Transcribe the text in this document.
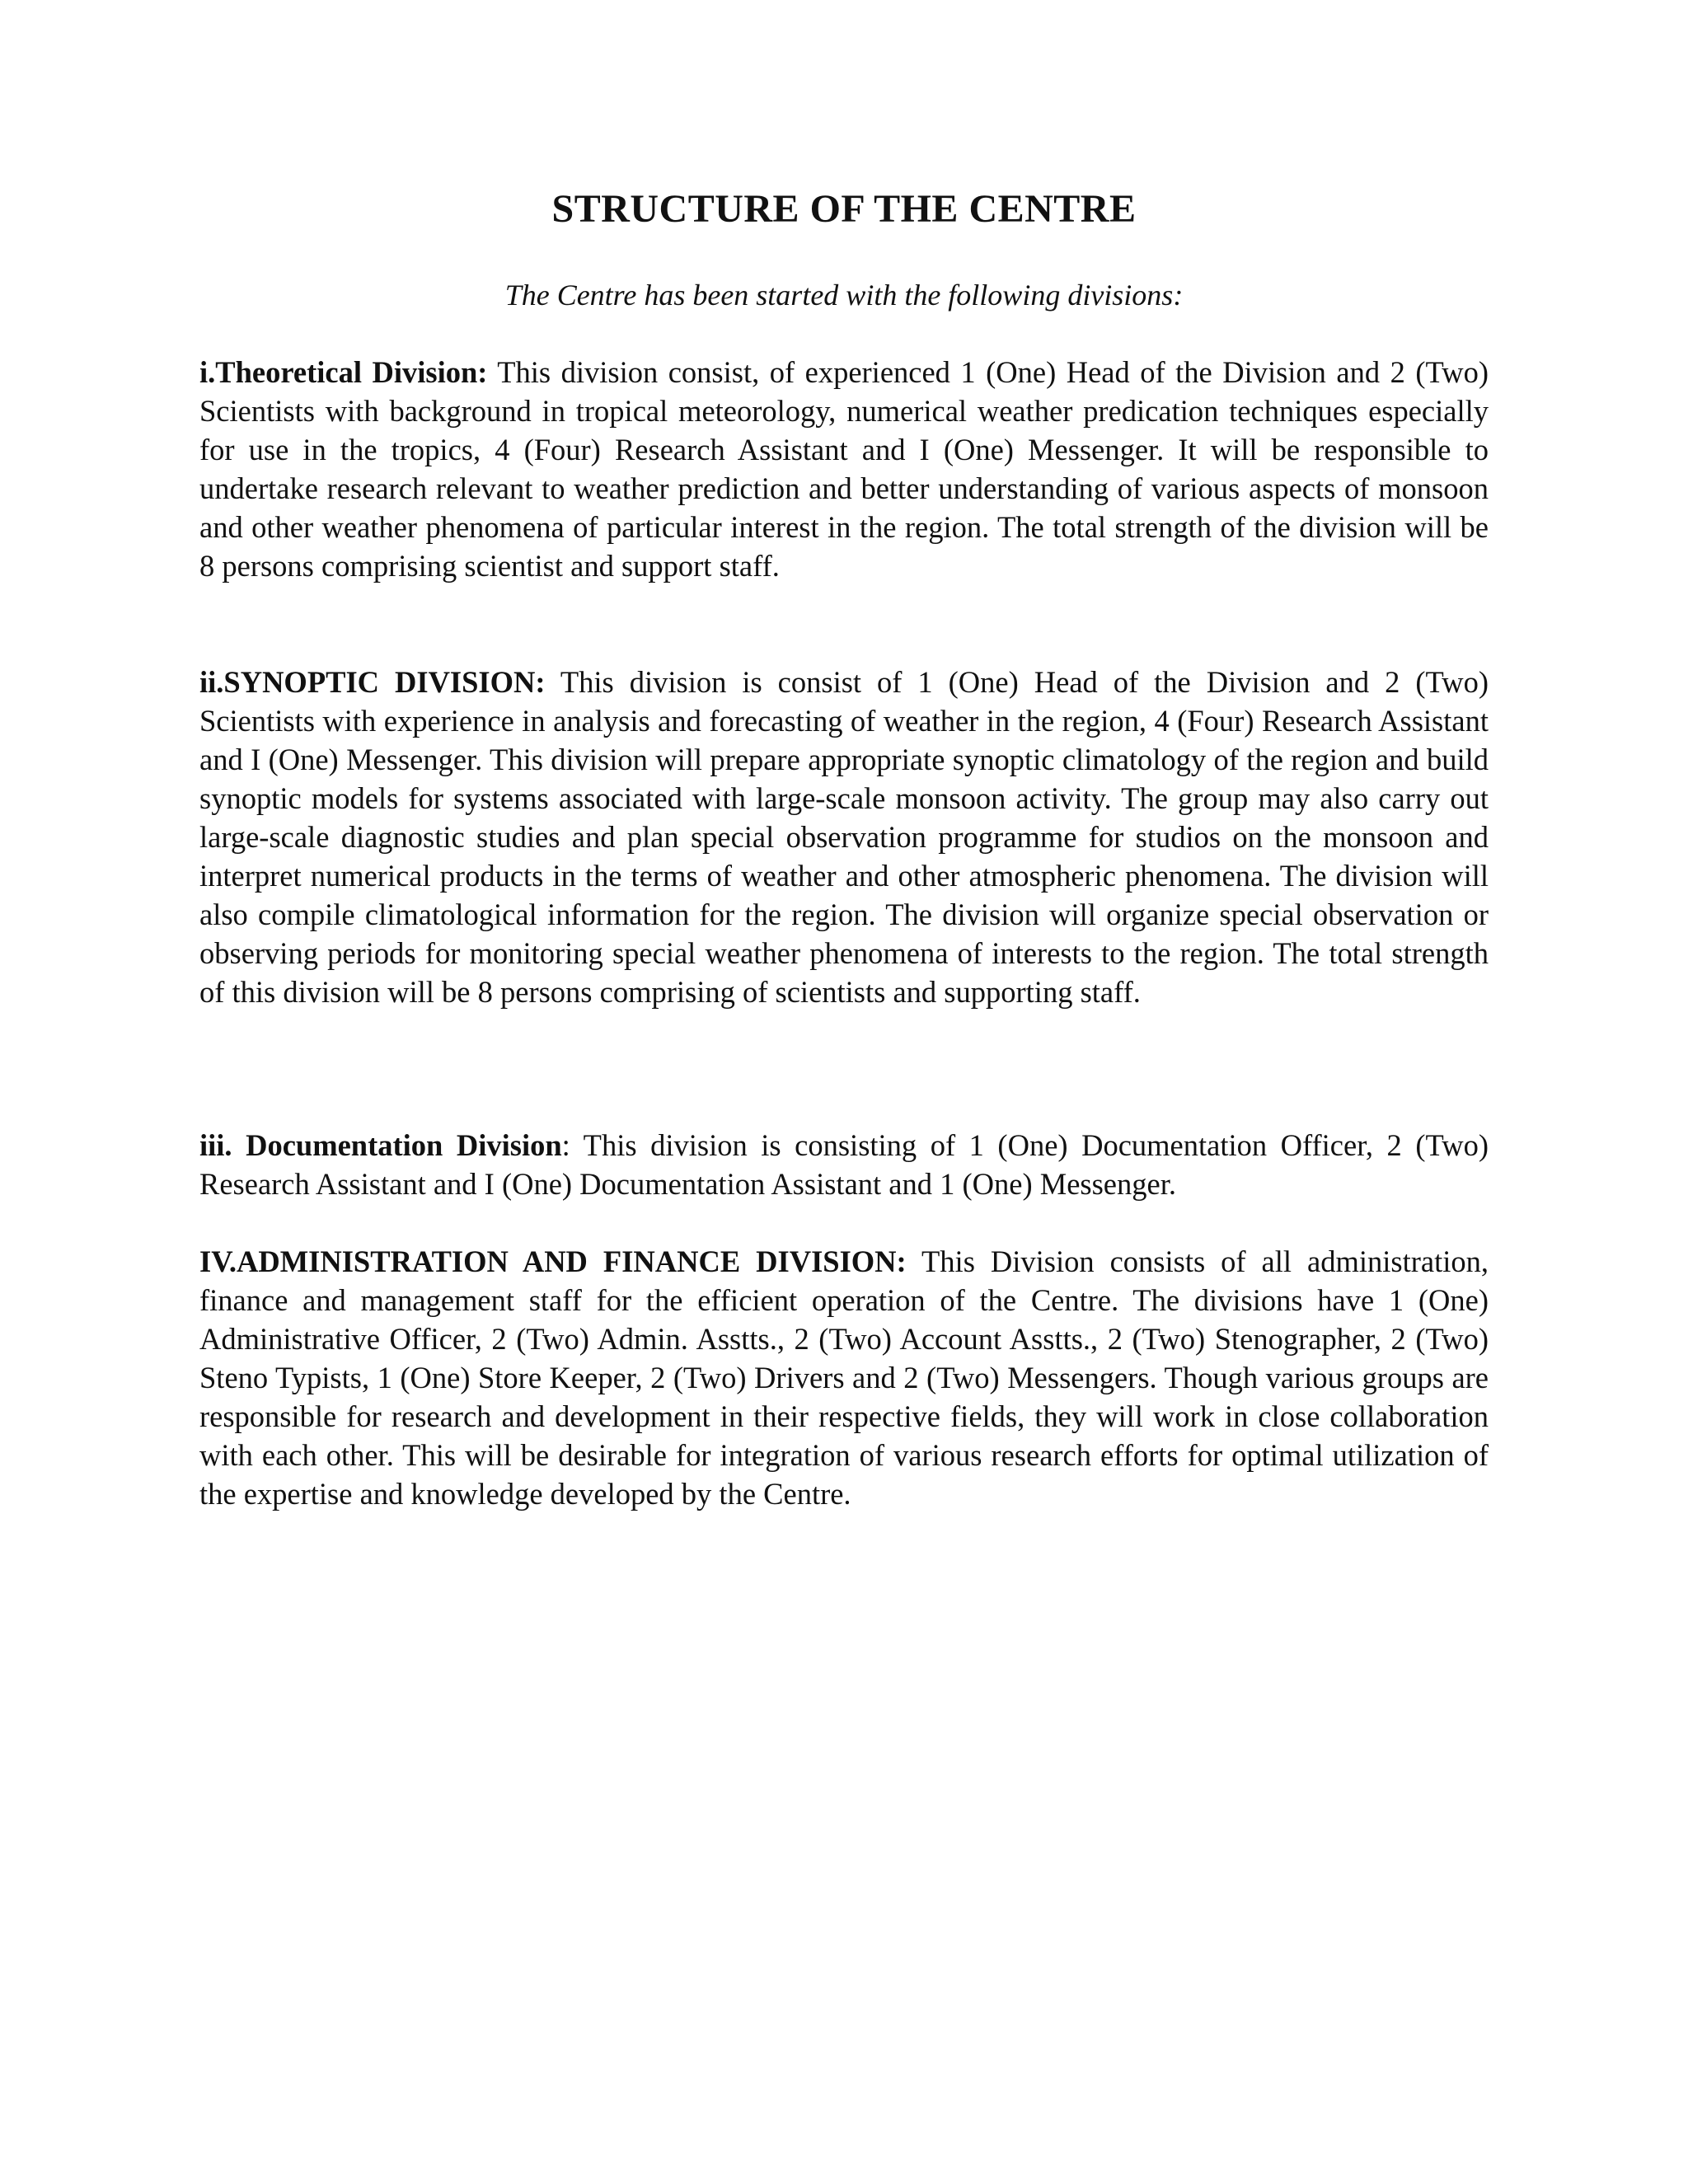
STRUCTURE OF THE CENTRE

The Centre has been started with the following divisions:

i.Theoretical Division: This division consist, of experienced 1 (One) Head of the Division and 2 (Two) Scientists with background in tropical meteorology, numerical weather predication techniques especially for use in the tropics, 4 (Four) Research Assistant and I (One) Messenger. It will be responsible to undertake research relevant to weather prediction and better understanding of various aspects of monsoon and other weather phenomena of particular interest in the region. The total strength of the division will be 8 persons comprising scientist and support staff.

ii.SYNOPTIC DIVISION: This division is consist of 1 (One) Head of the Division and 2 (Two) Scientists with experience in analysis and forecasting of weather in the region, 4 (Four) Research Assistant and I (One) Messenger. This division will prepare appropriate synoptic climatology of the region and build synoptic models for systems associated with large-scale monsoon activity. The group may also carry out large-scale diagnostic studies and plan special observation programme for studios on the monsoon and interpret numerical products in the terms of weather and other atmospheric phenomena. The division will also compile climatological information for the region. The division will organize special observation or observing periods for monitoring special weather phenomena of interests to the region. The total strength of this division will be 8 persons comprising of scientists and supporting staff.

iii. Documentation Division: This division is consisting of 1 (One) Documentation Officer, 2 (Two) Research Assistant and I (One) Documentation Assistant and 1 (One) Messenger.

IV.ADMINISTRATION AND FINANCE DIVISION: This Division consists of all administration, finance and management staff for the efficient operation of the Centre. The divisions have 1 (One) Administrative Officer, 2 (Two) Admin. Asstts., 2 (Two) Account Asstts., 2 (Two) Stenographer, 2 (Two) Steno Typists, 1 (One) Store Keeper, 2 (Two) Drivers and 2 (Two) Messengers. Though various groups are responsible for research and development in their respective fields, they will work in close collaboration with each other. This will be desirable for integration of various research efforts for optimal utilization of the expertise and knowledge developed by the Centre.
